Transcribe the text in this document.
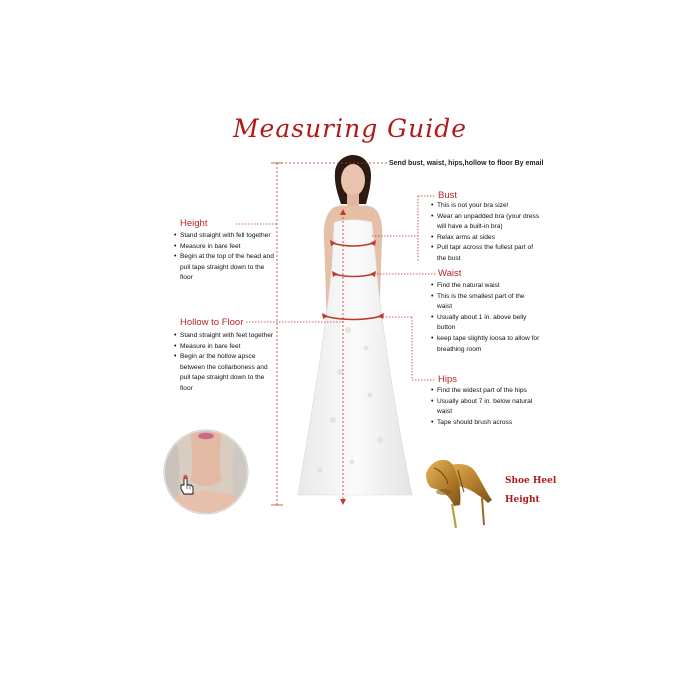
Measuring Guide
Send bust, waist, hips,hollow to floor By email
Height
• Stand straight with fell together
• Measure in bare feet
• Begin at the top of the head and pull tape straight down to the floor
Hollow to Floor
• Stand straight with feet together
• Measure in bare feet
• Begin ar the hollow apsce between the collarboness and pull tape straight down to the floor
Bust
• This is not your bra size!
• Wear an unpadded bra (your dress will have a built-in bra)
• Relax arms at sides
• Pull tapr across the fullest part of the bust
Waist
• Find the natural waist
• This is the smallest part of the waist
• Usually about 1 in. above belly button
• keep tape slightly loosa to allow for breathing room
Hips
• Find the widest part of the hips
• Usually about 7 in. below natural waist
• Tape should brush across
Shoe Heel
Height
